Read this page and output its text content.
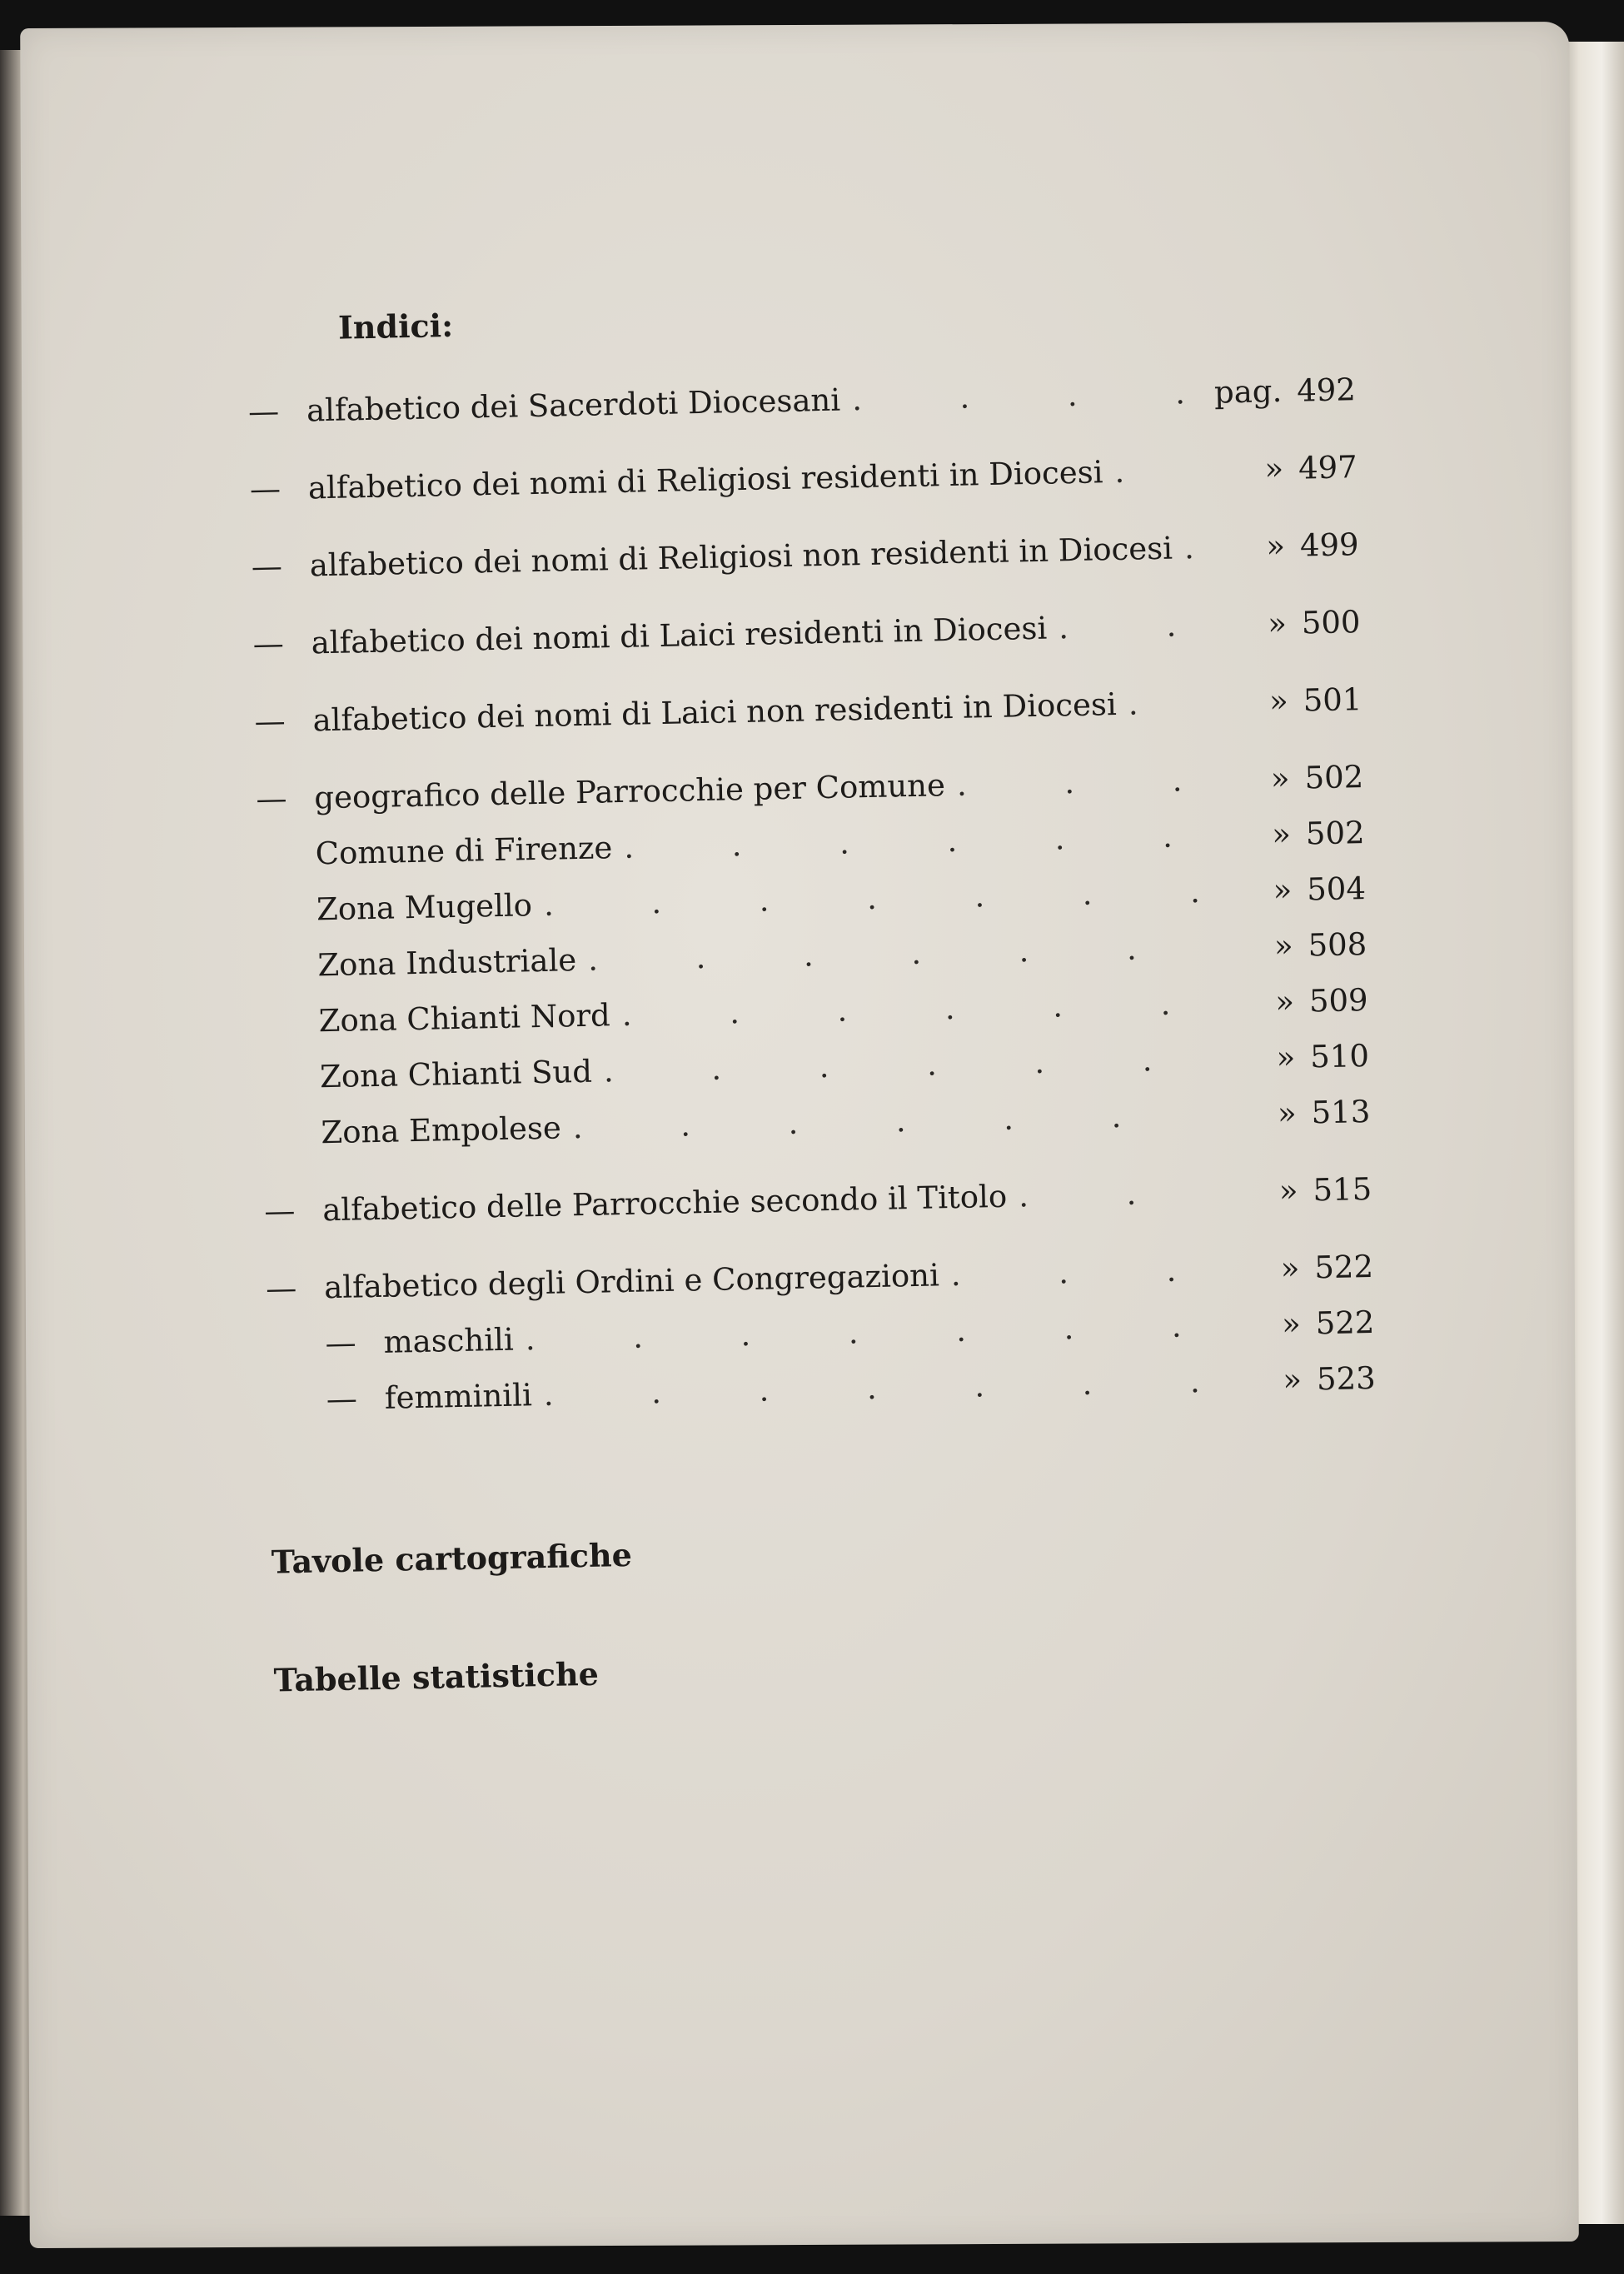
Indici:
— alfabetico dei Sacerdoti Diocesani .	pag. 492
— alfabetico dei nomi di Religiosi residenti in Diocesi .	» 497
— alfabetico dei nomi di Religiosi non residenti in Diocesi .	» 499
— alfabetico dei nomi di Laici residenti in Diocesi .	» 500
— alfabetico dei nomi di Laici non residenti in Diocesi .	» 501
— geografico delle Parrocchie per Comune .	» 502
Comune di Firenze .	» 502
Zona Mugello .	» 504
Zona Industriale .	» 508
Zona Chianti Nord .	» 509
Zona Chianti Sud .	» 510
Zona Empolese .	» 513
— alfabetico delle Parrocchie secondo il Titolo .	» 515
— alfabetico degli Ordini e Congregazioni .	» 522
— maschili .	» 522
— femminili .	» 523
Tavole cartografiche
Tabelle statistiche
